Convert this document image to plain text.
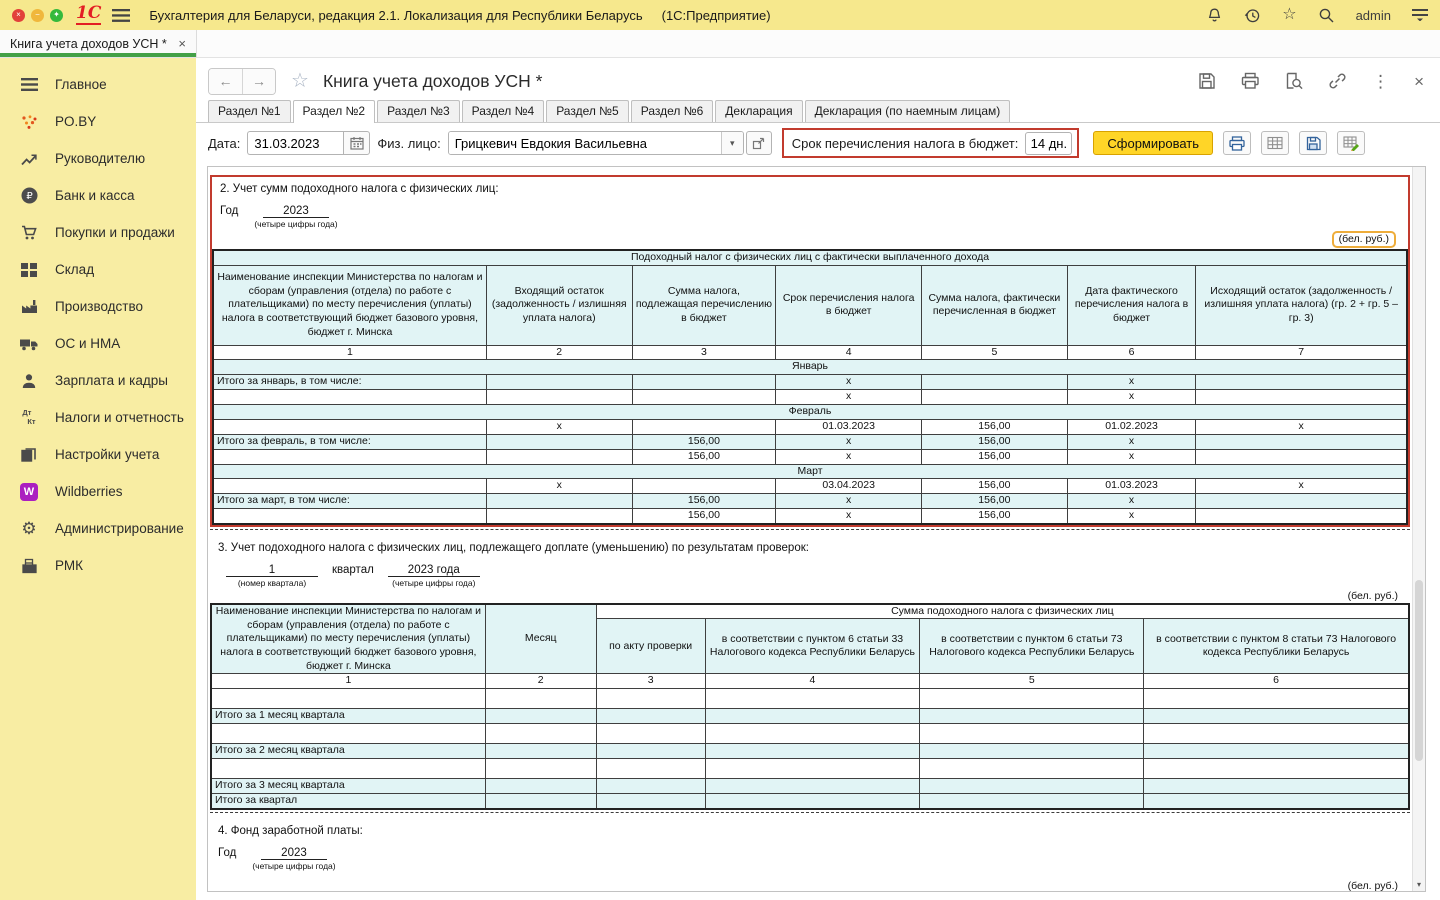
×	−	✦ 1С	Бухгалтерия для Беларуси, редакция 2.1. Локализация для Республики Беларусь (1С:Предприятие)	☆	admin
Книга учета доходов УСН * ×
Главное
PO.BY
Руководителю
₽ Банк и касса
Покупки и продажи
Склад
Производство
ОС и НМА
Зарплата и кадры
Дт
Кт Налоги и отчетность
Настройки учета
W Wildberries
⚙ Администрирование
РМК
←	→	☆ Книга учета доходов УСН *	⋮ ×
Раздел №1	Раздел №2	Раздел №3	Раздел №4	Раздел №5	Раздел №6	Декларация	Декларация (по наемным лицам)
Дата:
31.03.2023	Физ. лицо:
Грицкевич Евдокия Васильевна	▾	Срок перечисления налога в бюджет:
14 дн.	Сформировать
2. Учет сумм подоходного налога с физических лиц:
Год	2023
(четыре цифры года)
(бел. руб.)
Подоходный налог с физических лиц с фактически выплаченного дохода						
Наименование инспекции Министерства по налогам и сборам (управления (отдела) по работе с плательщиками) по месту перечисления (уплаты) налога в соответствующий бюджет базового уровня, бюджет г. Минска	Входящий остаток (задолженность / излишняя уплата налога)	Сумма налога, подлежащая перечислению в бюджет	Срок перечисления налога в бюджет	Сумма налога, фактически перечисленная в бюджет	Дата фактического перечисления налога в бюджет	Исходящий остаток (задолженность / излишняя уплата налога) (гр. 2 + гр. 5 – гр. 3)
1	2	3	4	5	6	7
Январь						
Итого за январь, в том числе:			х		х	
			х		х	
Февраль						
	х		01.03.2023	156,00	01.02.2023	х
Итого за февраль, в том числе:		156,00	х	156,00	х	
		156,00	х	156,00	х	
Март						
	х		03.04.2023	156,00	01.03.2023	х
Итого за март, в том числе:		156,00	х	156,00	х	
		156,00	х	156,00	х	
3. Учет подоходного налога с физических лиц, подлежащего доплате (уменьшению) по результатам проверок:
1
(номер квартала)
квартал	2023 года
(четыре цифры года)
(бел. руб.)
Наименование инспекции Министерства по налогам и сборам (управления (отдела) по работе с плательщиками) по месту перечисления (уплаты) налога в соответствующий бюджет базового уровня, бюджет г. Минска	Месяц	Сумма подоходного налога с физических лиц			
		по акту проверки	в соответствии с пунктом 6 статьи 33 Налогового кодекса Республики Беларусь	в соответствии с пунктом 6 статьи 73 Налогового кодекса Республики Беларусь	в соответствии с пунктом 8 статьи 73 Налогового кодекса Республики Беларусь
1	2	3	4	5	6

Итого за 1 месяц квартала					

Итого за 2 месяц квартала					

Итого за 3 месяц квартала					
Итого за квартал					
4. Фонд заработной платы:
Год	2023
(четыре цифры года)
(бел. руб.)	▾
